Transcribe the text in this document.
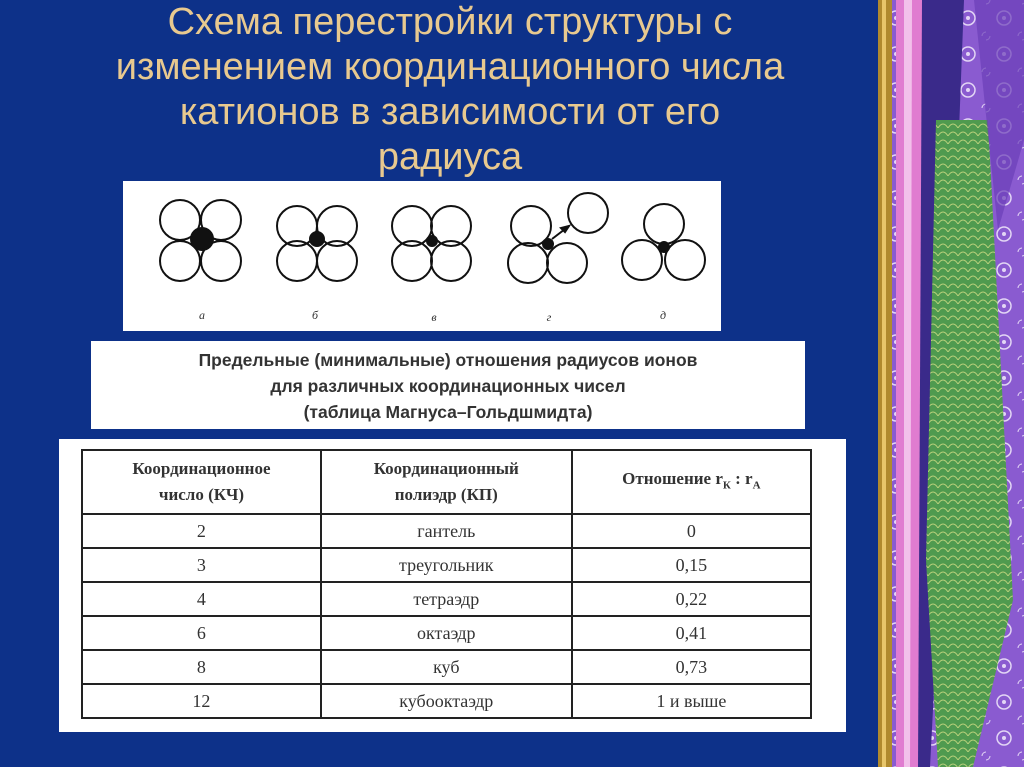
Схема перестройки структуры с
изменением координационного числа
катионов в зависимости от его
радиуса
а	б	в	г	д
Предельные (минимальные) отношения радиусов ионов
для различных координационных чисел
(таблица Магнуса–Гольдшмидта)
Координационное
число (КЧ)	Координационный
полиэдр (КП)	Отношение $r_К$ : $r_А$
2	гантель	0
3	треугольник	0,15
4	тетраэдр	0,22
6	октаэдр	0,41
8	куб	0,73
12	кубооктаэдр	1 и выше
